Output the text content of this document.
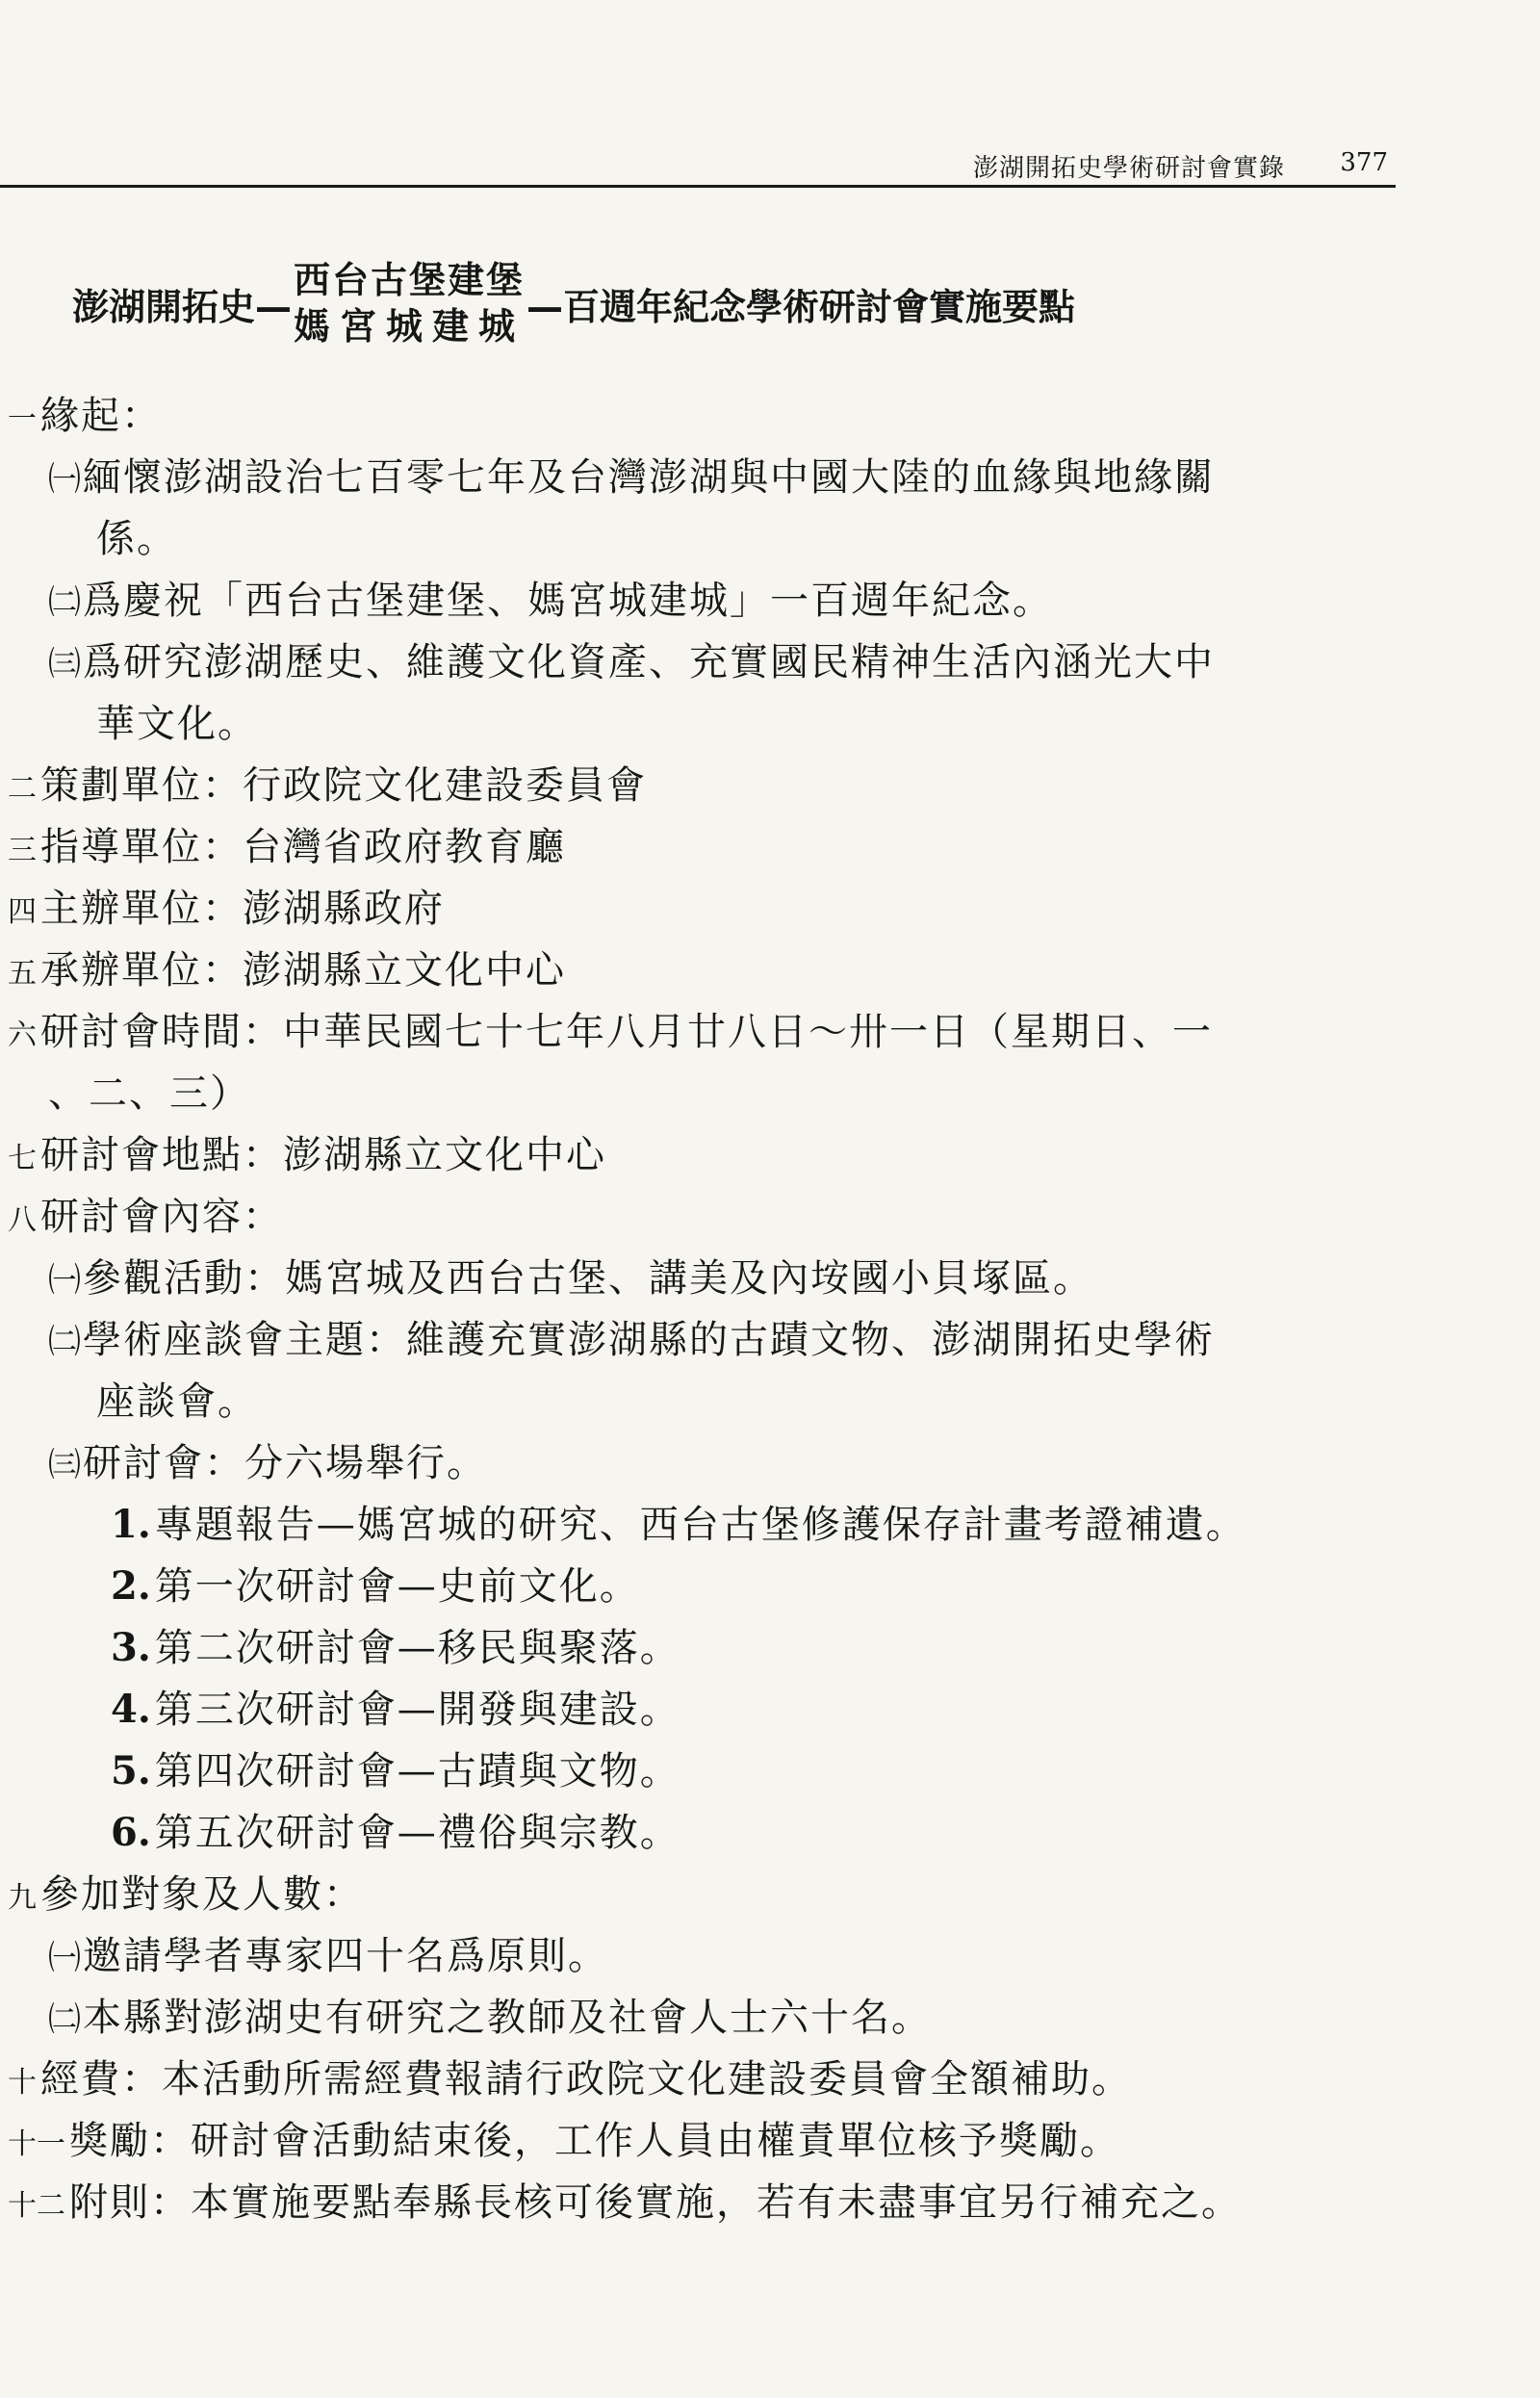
澎湖開拓史學術研討會實錄 377
澎湖開拓史—
西台古堡建堡
媽宮城建城 —百週年紀念學術研討會實施要點
一 緣起：
㈠緬懷澎湖設治七百零七年及台灣澎湖與中國大陸的血緣與地緣關
係。
㈡爲慶祝「西台古堡建堡、媽宮城建城」一百週年紀念。
㈢爲研究澎湖歷史、維護文化資產、充實國民精神生活內涵光大中
華文化。
二 策劃單位：行政院文化建設委員會
三 指導單位：台灣省政府教育廳
四 主辦單位：澎湖縣政府
五 承辦單位：澎湖縣立文化中心
六 研討會時間：中華民國七十七年八月廿八日～卅一日（星期日、一
、二、三）
七 研討會地點：澎湖縣立文化中心
八 研討會內容：
㈠參觀活動：媽宮城及西台古堡、講美及內垵國小貝塚區。
㈡學術座談會主題：維護充實澎湖縣的古蹟文物、澎湖開拓史學術
座談會。
㈢研討會：分六場舉行。
1. 專題報告—媽宮城的研究、西台古堡修護保存計畫考證補遺。
2. 第一次研討會—史前文化。
3. 第二次研討會—移民與聚落。
4. 第三次研討會—開發與建設。
5. 第四次研討會—古蹟與文物。
6. 第五次研討會—禮俗與宗教。
九 參加對象及人數：
㈠邀請學者專家四十名爲原則。
㈡本縣對澎湖史有研究之教師及社會人士六十名。
十 經費：本活動所需經費報請行政院文化建設委員會全額補助。
十一 獎勵：研討會活動結束後，工作人員由權責單位核予獎勵。
十二 附則：本實施要點奉縣長核可後實施，若有未盡事宜另行補充之。
